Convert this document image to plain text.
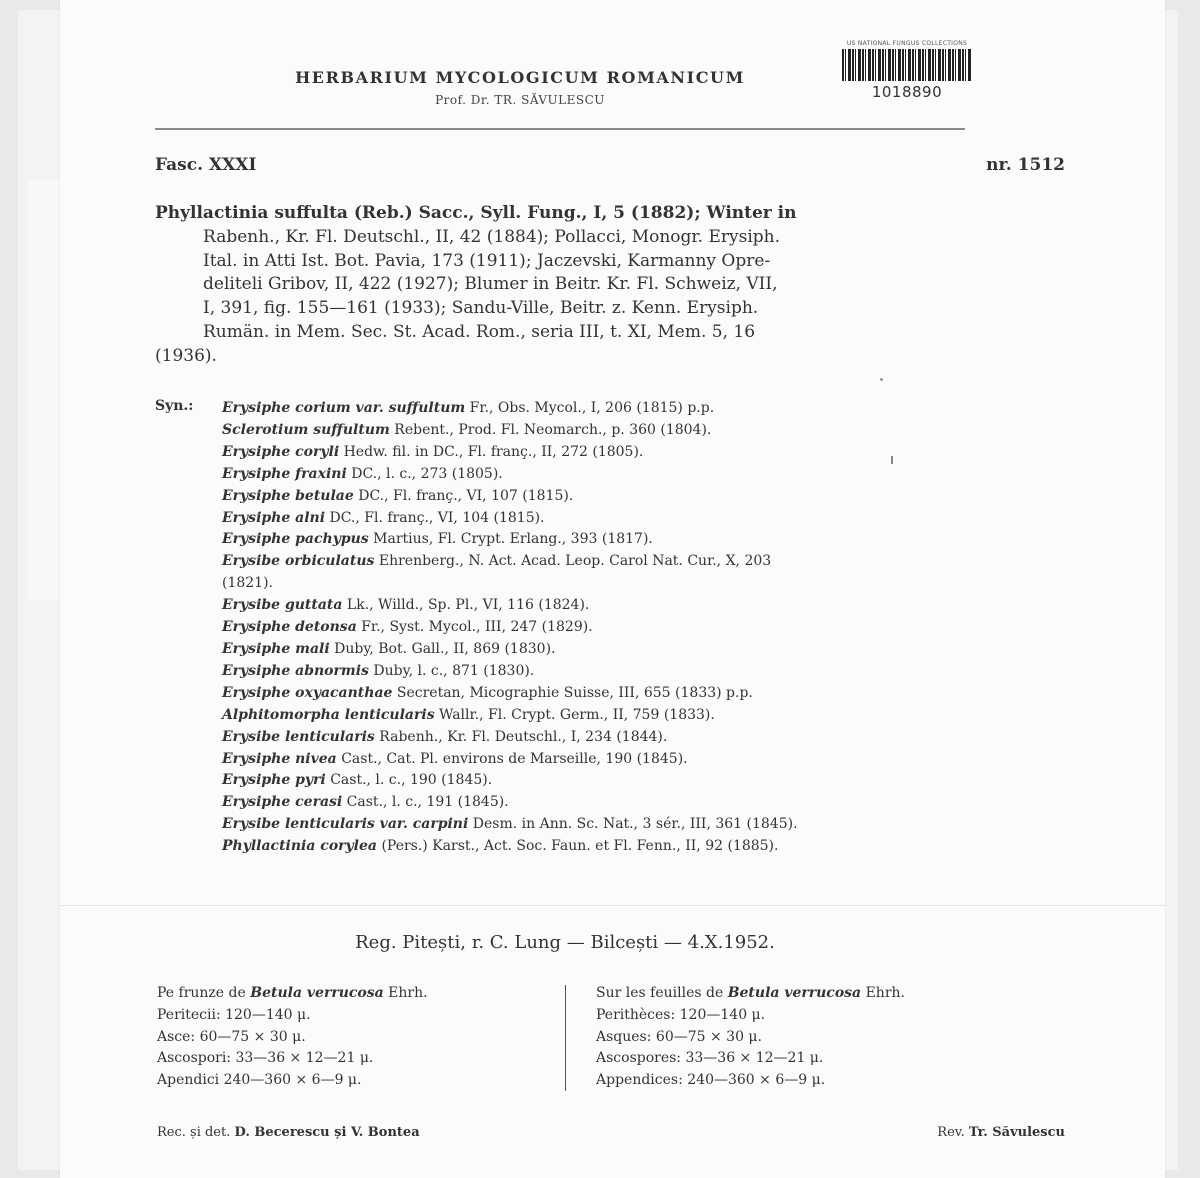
HERBARIUM MYCOLOGICUM ROMANICUM
Prof. Dr. TR. SĂVULESCU
US NATIONAL FUNGUS COLLECTIONS
1018890
Fasc. XXXI	nr. 1512
Phyllactinia suffulta (Reb.) Sacc., Syll. Fung., I, 5 (1882); Winter in
Rabenh., Kr. Fl. Deutschl., II, 42 (1884); Pollacci, Monogr. Erysiph.
Ital. in Atti Ist. Bot. Pavia, 173 (1911); Jaczevski, Karmanny Opre-
deliteli Gribov, II, 422 (1927); Blumer in Beitr. Kr. Fl. Schweiz, VII,
I, 391, fig. 155—161 (1933); Sandu-Ville, Beitr. z. Kenn. Erysiph.
Rumän. in Mem. Sec. St. Acad. Rom., seria III, t. XI, Mem. 5, 16
(1936).
Syn.: Erysiphe corium var. suffultum Fr., Obs. Mycol., I, 206 (1815) p.p.
Sclerotium suffultum Rebent., Prod. Fl. Neomarch., p. 360 (1804).
Erysiphe coryli Hedw. fil. in DC., Fl. franç., II, 272 (1805).
Erysiphe fraxini DC., l. c., 273 (1805).
Erysiphe betulae DC., Fl. franç., VI, 107 (1815).
Erysiphe alni DC., Fl. franç., VI, 104 (1815).
Erysiphe pachypus Martius, Fl. Crypt. Erlang., 393 (1817).
Erysibe orbiculatus Ehrenberg., N. Act. Acad. Leop. Carol Nat. Cur., X, 203
(1821).
Erysibe guttata Lk., Willd., Sp. Pl., VI, 116 (1824).
Erysiphe detonsa Fr., Syst. Mycol., III, 247 (1829).
Erysiphe mali Duby, Bot. Gall., II, 869 (1830).
Erysiphe abnormis Duby, l. c., 871 (1830).
Erysiphe oxyacanthae Secretan, Micographie Suisse, III, 655 (1833) p.p.
Alphitomorpha lenticularis Wallr., Fl. Crypt. Germ., II, 759 (1833).
Erysibe lenticularis Rabenh., Kr. Fl. Deutschl., I, 234 (1844).
Erysiphe nivea Cast., Cat. Pl. environs de Marseille, 190 (1845).
Erysiphe pyri Cast., l. c., 190 (1845).
Erysiphe cerasi Cast., l. c., 191 (1845).
Erysibe lenticularis var. carpini Desm. in Ann. Sc. Nat., 3 sér., III, 361 (1845).
Phyllactinia corylea (Pers.) Karst., Act. Soc. Faun. et Fl. Fenn., II, 92 (1885).
Reg. Pitești, r. C. Lung — Bilcești — 4.X.1952.
Pe frunze de Betula verrucosa Ehrh.
Peritecii: 120—140 μ.
Asce: 60—75 × 30 μ.
Ascospori: 33—36 × 12—21 μ.
Apendici 240—360 × 6—9 μ.
Sur les feuilles de Betula verrucosa Ehrh.
Perithèces: 120—140 μ.
Asques: 60—75 × 30 μ.
Ascospores: 33—36 × 12—21 μ.
Appendices: 240—360 × 6—9 μ.
Rec. și det. D. Becerescu și V. Bontea	Rev. Tr. Săvulescu
